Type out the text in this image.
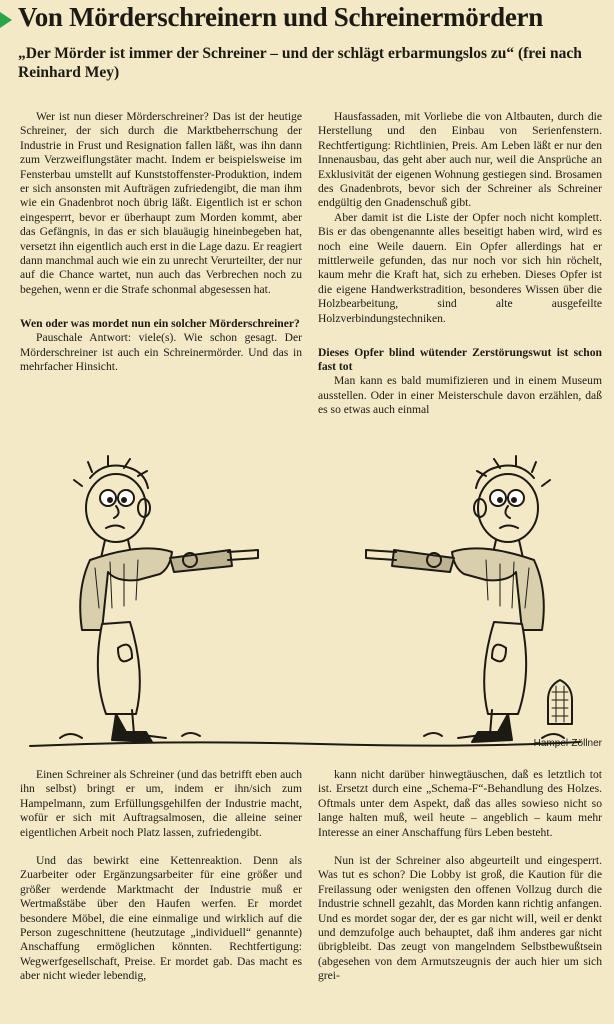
Von Mörderschreinern und Schreinermördern

„Der Mörder ist immer der Schreiner – und der schlägt erbarmungslos zu“ (frei nach Reinhard Mey)

Wer ist nun dieser Mörderschreiner? Das ist der heutige Schreiner, der sich durch die Marktbeherrschung der Industrie in Frust und Resignation fallen läßt, was ihn dann zum Verzweiflungstäter macht. Indem er beispielsweise im Fensterbau umstellt auf Kunststoffenster-Produktion, indem er sich ansonsten mit Aufträgen zufriedengibt, die man ihm wie ein Gnadenbrot noch übrig läßt. Eigentlich ist er schon eingesperrt, bevor er überhaupt zum Morden kommt, aber das Gefängnis, in das er sich blauäugig hineinbegeben hat, versetzt ihn eigentlich auch erst in die Lage dazu. Er reagiert dann manchmal auch wie ein zu unrecht Verurteilter, der nur auf die Chance wartet, nun auch das Verbrechen noch zu begehen, wenn er die Strafe schonmal abgesessen hat.

Wen oder was mordet nun ein solcher Mörderschreiner?

Pauschale Antwort: viele(s). Wie schon gesagt. Der Mörderschreiner ist auch ein Schreinermörder. Und das in mehrfacher Hinsicht.

Hausfassaden, mit Vorliebe die von Altbauten, durch die Herstellung und den Einbau von Serienfenstern. Rechtfertigung: Richtlinien, Preis. Am Leben läßt er nur den Innenausbau, das geht aber auch nur, weil die Ansprüche an Exklusivität der eigenen Wohnung gestiegen sind. Brosamen des Gnadenbrots, bevor sich der Schreiner als Schreiner endgültig den Gnadenschuß gibt.

Aber damit ist die Liste der Opfer noch nicht komplett. Bis er das obengenannte alles beseitigt haben wird, wird es noch eine Weile dauern. Ein Opfer allerdings hat er mittlerweile gefunden, das nur noch vor sich hin röchelt, kaum mehr die Kraft hat, sich zu erheben. Dieses Opfer ist die eigene Handwerkstradition, besonderes Wissen über die Holzbearbeitung, sind alte ausgefeilte Holzverbindungstechniken.

Dieses Opfer blind wütender Zerstörungswut ist schon fast tot

Man kann es bald mumifizieren und in einem Museum ausstellen. Oder in einer Meisterschule davon erzählen, daß es so etwas auch einmal

Hampel-Zöllner

Einen Schreiner als Schreiner (und das betrifft eben auch ihn selbst) bringt er um, indem er ihn/sich zum Hampelmann, zum Erfüllungsgehilfen der Industrie macht, wofür er sich mit Auftragsalmosen, die alleine seiner eigentlichen Arbeit noch Platz lassen, zufriedengibt.

Und das bewirkt eine Kettenreaktion. Denn als Zuarbeiter oder Ergänzungsarbeiter für eine größer und größer werdende Marktmacht der Industrie muß er Wertmaßstäbe über den Haufen werfen. Er mordet besondere Möbel, die eine einmalige und wirklich auf die Person zugeschnittene (heutzutage „individuell“ genannte) Anschaffung ermöglichen könnten. Rechtfertigung: Wegwerfgesellschaft, Preise. Er mordet gab. Das macht es aber nicht wieder lebendig,

kann nicht darüber hinwegtäuschen, daß es letztlich tot ist. Ersetzt durch eine „Schema-F“-Behandlung des Holzes. Oftmals unter dem Aspekt, daß das alles sowieso nicht so lange halten muß, weil heute – angeblich – kaum mehr Interesse an einer Anschaffung fürs Leben besteht.

Nun ist der Schreiner also abgeurteilt und eingesperrt. Was tut es schon? Die Lobby ist groß, die Kaution für die Freilassung oder wenigsten den offenen Vollzug durch die Industrie schnell gezahlt, das Morden kann richtig anfangen. Und es mordet sogar der, der es gar nicht will, weil er denkt und demzufolge auch behauptet, daß ihm anderes gar nicht übrigbleibt. Das zeugt von mangelndem Selbstbewußtsein (abgesehen von dem Armutszeugnis der auch hier um sich grei-
